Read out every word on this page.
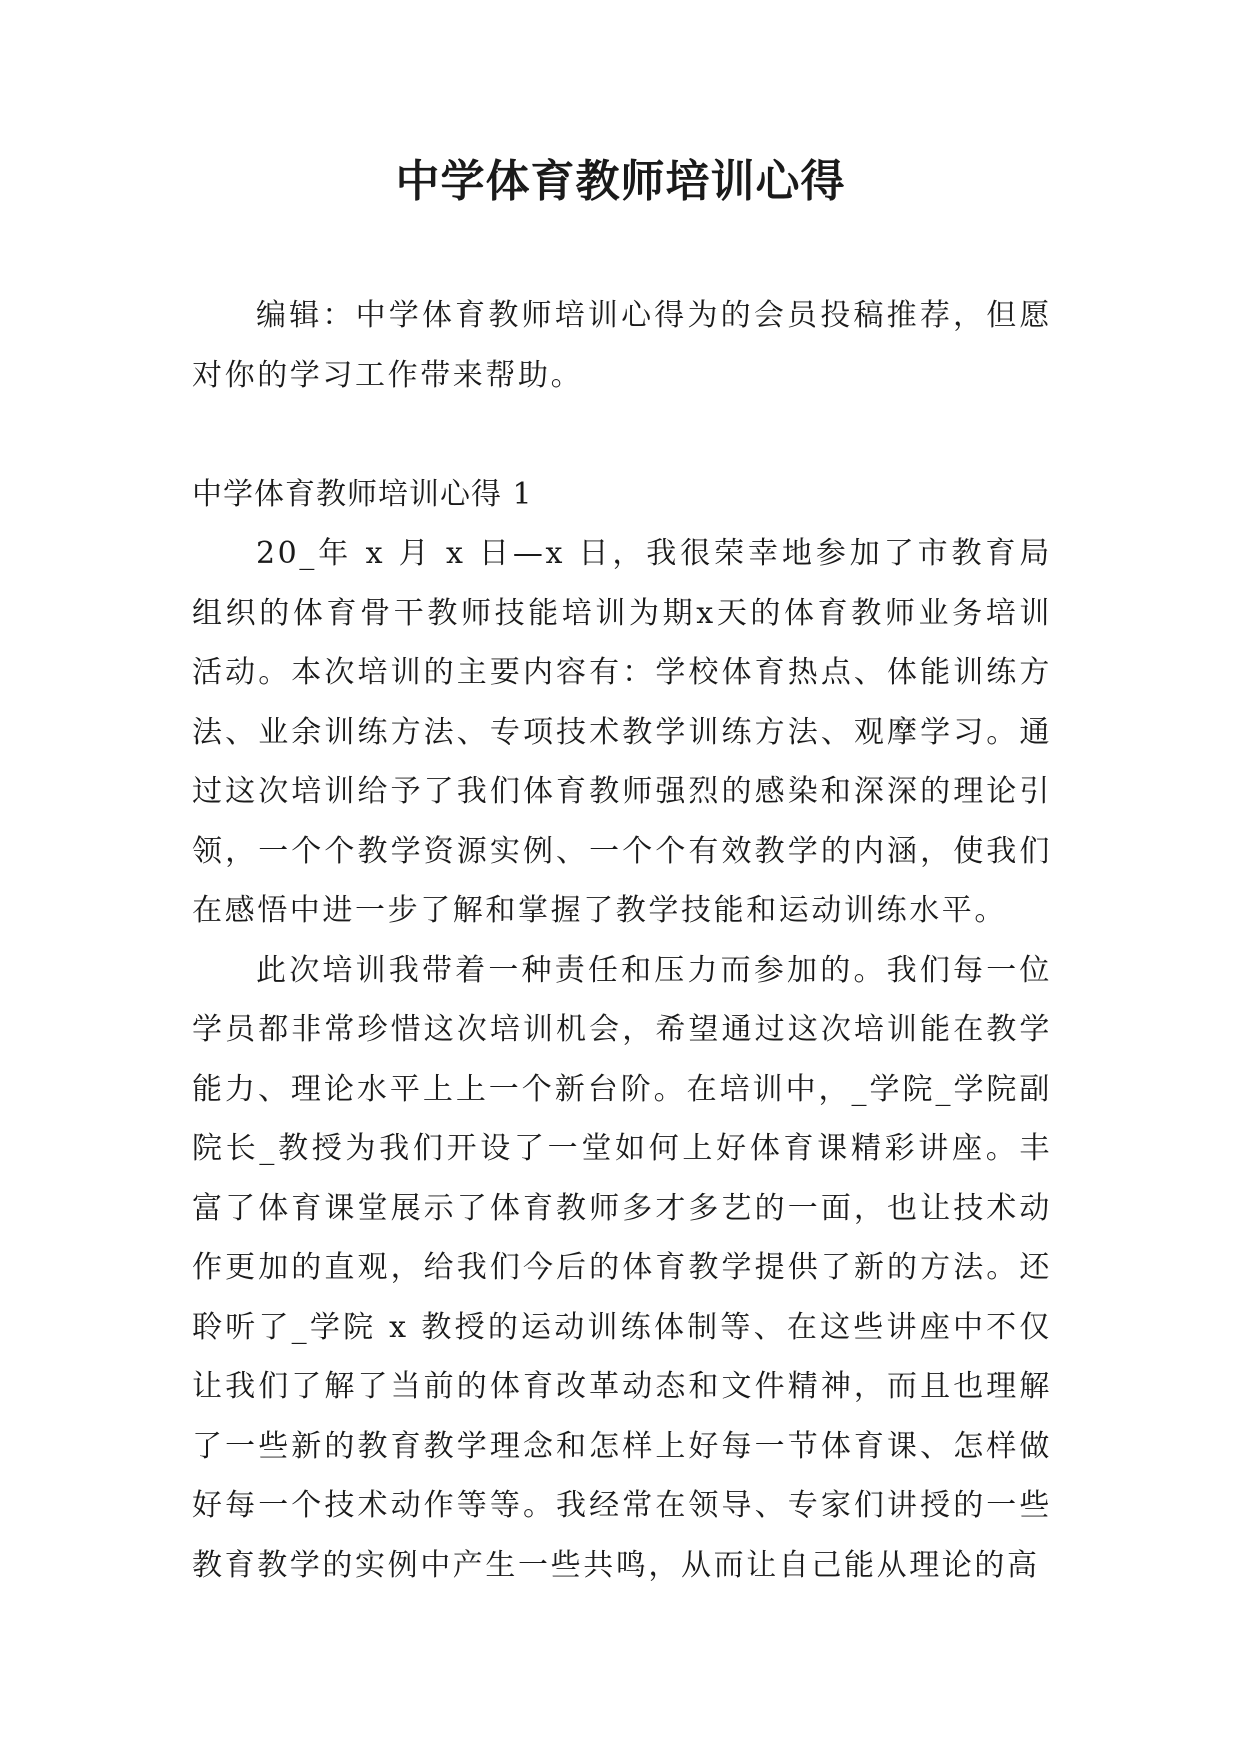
中学体育教师培训心得

编辑：中学体育教师培训心得为的会员投稿推荐，但愿对你的学习工作带来帮助。

中学体育教师培训心得 1

20_年 x 月 x 日—x 日，我很荣幸地参加了市教育局组织的体育骨干教师技能培训为期x天的体育教师业务培训活动。本次培训的主要内容有：学校体育热点、体能训练方法、业余训练方法、专项技术教学训练方法、观摩学习。通过这次培训给予了我们体育教师强烈的感染和深深的理论引领，一个个教学资源实例、一个个有效教学的内涵，使我们在感悟中进一步了解和掌握了教学技能和运动训练水平。

此次培训我带着一种责任和压力而参加的。我们每一位学员都非常珍惜这次培训机会，希望通过这次培训能在教学能力、理论水平上上一个新台阶。在培训中，_学院_学院副院长_教授为我们开设了一堂如何上好体育课精彩讲座。丰富了体育课堂展示了体育教师多才多艺的一面，也让技术动作更加的直观，给我们今后的体育教学提供了新的方法。还聆听了_学院 x 教授的运动训练体制等、在这些讲座中不仅让我们了解了当前的体育改革动态和文件精神，而且也理解了一些新的教育教学理念和怎样上好每一节体育课、怎样做好每一个技术动作等等。我经常在领导、专家们讲授的一些教育教学的实例中产生一些共鸣，从而让自己能从理论的高
